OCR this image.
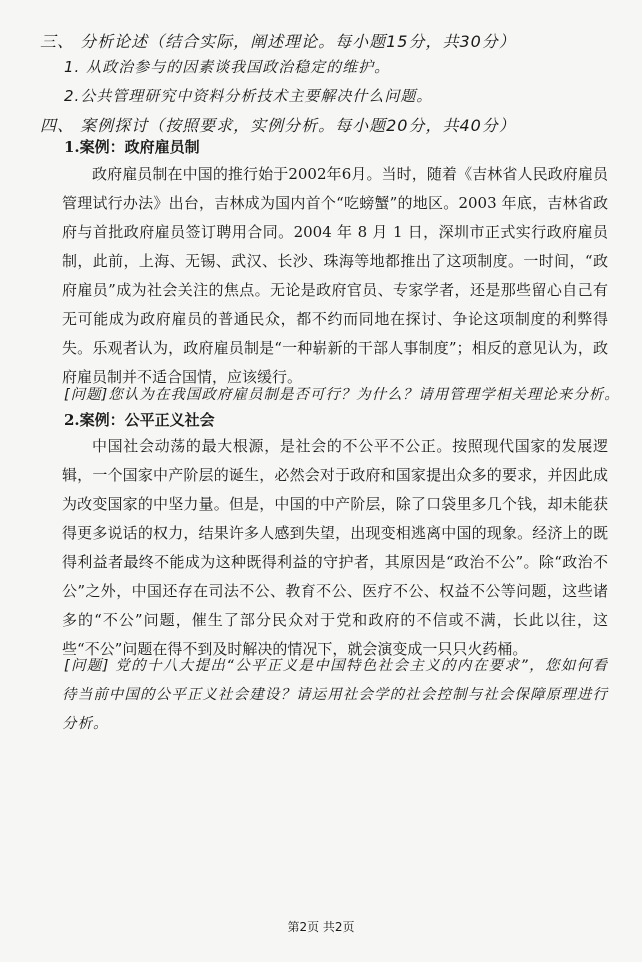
三、 分析论述（结合实际，阐述理论。每小题15分，共30分）
1. 从政治参与的因素谈我国政治稳定的维护。
2.公共管理研究中资料分析技术主要解决什么问题。
四、 案例探讨（按照要求，实例分析。每小题20分，共40分）
1.案例：政府雇员制
政府雇员制在中国的推行始于2002年6月。当时，随着《吉林省人民政府雇员管理试行办法》出台，吉林成为国内首个“吃螃蟹”的地区。2003 年底，吉林省政府与首批政府雇员签订聘用合同。2004 年 8 月 1 日，深圳市正式实行政府雇员制，此前，上海、无锡、武汉、长沙、珠海等地都推出了这项制度。一时间，“政府雇员”成为社会关注的焦点。无论是政府官员、专家学者，还是那些留心自己有无可能成为政府雇员的普通民众，都不约而同地在探讨、争论这项制度的利弊得失。乐观者认为，政府雇员制是“一种崭新的干部人事制度”；相反的意见认为，政府雇员制并不适合国情，应该缓行。
[问题]您认为在我国政府雇员制是否可行？为什么？请用管理学相关理论来分析。
2.案例：公平正义社会
中国社会动荡的最大根源，是社会的不公平不公正。按照现代国家的发展逻辑，一个国家中产阶层的诞生，必然会对于政府和国家提出众多的要求，并因此成为改变国家的中坚力量。但是，中国的中产阶层，除了口袋里多几个钱，却未能获得更多说话的权力，结果许多人感到失望，出现变相逃离中国的现象。经济上的既得利益者最终不能成为这种既得利益的守护者，其原因是“政治不公”。除“政治不公”之外，中国还存在司法不公、教育不公、医疗不公、权益不公等问题，这些诸多的“不公”问题，催生了部分民众对于党和政府的不信或不满，长此以往，这些“不公”问题在得不到及时解决的情况下，就会演变成一只只火药桶。
[问题] 党的十八大提出“公平正义是中国特色社会主义的内在要求”，您如何看待当前中国的公平正义社会建设？请运用社会学的社会控制与社会保障原理进行分析。
第2页 共2页
